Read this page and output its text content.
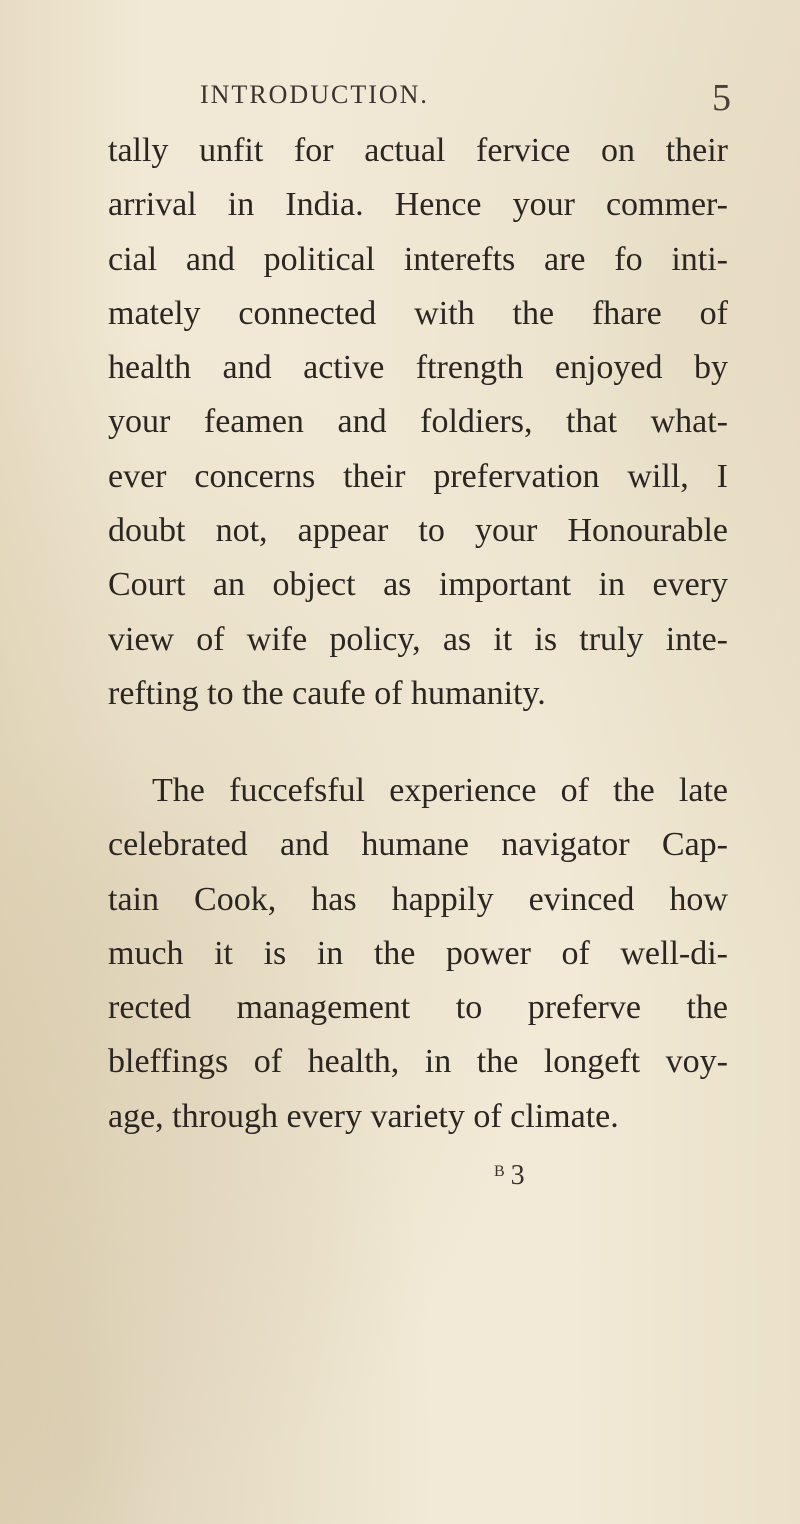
INTRODUCTION.	5
tally unfit for actual fervice on their
arrival in India. Hence your commer-
cial and political interefts are fo inti-
mately connected with the fhare of
health and active ftrength enjoyed by
your feamen and foldiers, that what-
ever concerns their prefervation will, I
doubt not, appear to your Honourable
Court an object as important in every
view of wife policy, as it is truly inte-
refting to the caufe of humanity.
The fuccefsful experience of the late
celebrated and humane navigator Cap-
tain Cook, has happily evinced how
much it is in the power of well-di-
rected management to preferve the
bleffings of health, in the longeft voy-
age, through every variety of climate.
$^B$ 3
